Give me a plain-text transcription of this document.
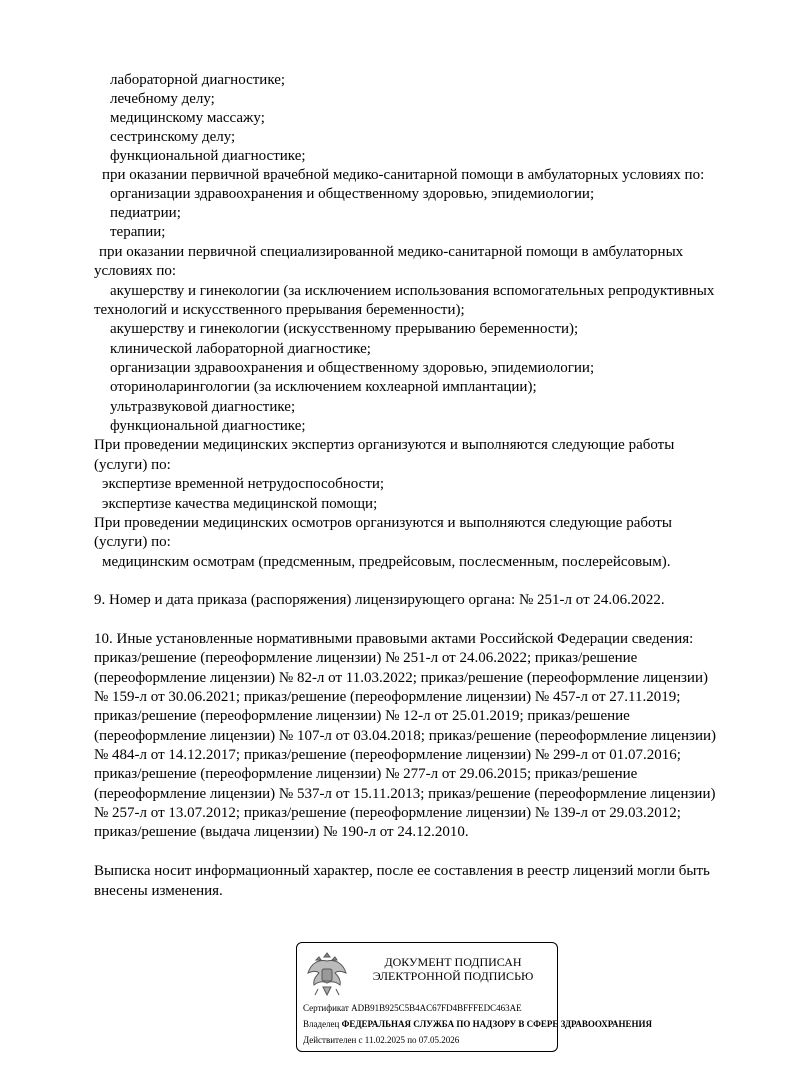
лабораторной диагностике;
лечебному делу;
медицинскому массажу;
сестринскому делу;
функциональной диагностике;
при оказании первичной врачебной медико-санитарной помощи в амбулаторных условиях по:
организации здравоохранения и общественному здоровью, эпидемиологии;
педиатрии;
терапии;
при оказании первичной специализированной медико-санитарной помощи в амбулаторных
условиях по:
акушерству и гинекологии (за исключением использования вспомогательных репродуктивных
технологий и искусственного прерывания беременности);
акушерству и гинекологии (искусственному прерыванию беременности);
клинической лабораторной диагностике;
организации здравоохранения и общественному здоровью, эпидемиологии;
оториноларингологии (за исключением кохлеарной имплантации);
ультразвуковой диагностике;
функциональной диагностике;
При проведении медицинских экспертиз организуются и выполняются следующие работы
(услуги) по:
экспертизе временной нетрудоспособности;
экспертизе качества медицинской помощи;
При проведении медицинских осмотров организуются и выполняются следующие работы
(услуги) по:
медицинским осмотрам (предсменным, предрейсовым, послесменным, послерейсовым).
9. Номер и дата приказа (распоряжения) лицензирующего органа: № 251-л от 24.06.2022.
10. Иные установленные нормативными правовыми актами Российской Федерации сведения:
приказ/решение (переоформление лицензии) № 251-л от 24.06.2022; приказ/решение
(переоформление лицензии) № 82-л от 11.03.2022; приказ/решение (переоформление лицензии)
№ 159-л от 30.06.2021; приказ/решение (переоформление лицензии) № 457-л от 27.11.2019;
приказ/решение (переоформление лицензии) № 12-л от 25.01.2019; приказ/решение
(переоформление лицензии) № 107-л от 03.04.2018; приказ/решение (переоформление лицензии)
№ 484-л от 14.12.2017; приказ/решение (переоформление лицензии) № 299-л от 01.07.2016;
приказ/решение (переоформление лицензии) № 277-л от 29.06.2015; приказ/решение
(переоформление лицензии) № 537-л от 15.11.2013; приказ/решение (переоформление лицензии)
№ 257-л от 13.07.2012; приказ/решение (переоформление лицензии) № 139-л от 29.03.2012;
приказ/решение (выдача лицензии) № 190-л от 24.12.2010.
Выписка носит информационный характер, после ее составления в реестр лицензий могли быть
внесены изменения.
ДОКУМЕНТ ПОДПИСАН
ЭЛЕКТРОННОЙ ПОДПИСЬЮ
Сертификат ADB91B925C5B4AC67FD4BFFFEDC463AE
Владелец ФЕДЕРАЛЬНАЯ СЛУЖБА ПО НАДЗОРУ В СФЕРЕ ЗДРАВООХРАНЕНИЯ
Действителен с 11.02.2025 по 07.05.2026
